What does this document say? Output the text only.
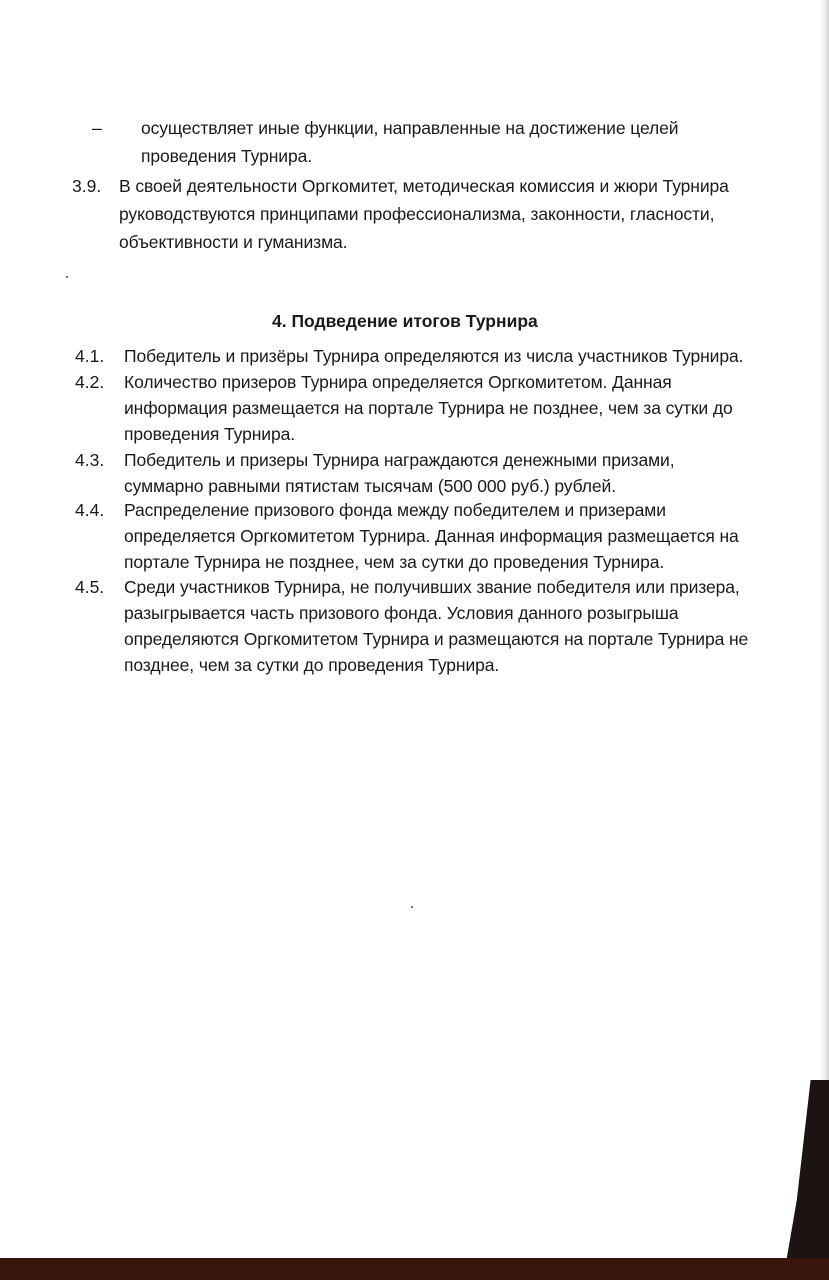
– осуществляет иные функции, направленные на достижение целей
проведения Турнира.
3.9. В своей деятельности Оргкомитет, методическая комиссия и жюри Турнира
руководствуются принципами профессионализма, законности, гласности,
объективности и гуманизма.
4. Подведение итогов Турнира
4.1. Победитель и призёры Турнира определяются из числа участников Турнира.
4.2. Количество призеров Турнира определяется Оргкомитетом. Данная
информация размещается на портале Турнира не позднее, чем за сутки до
проведения Турнира.
4.3. Победитель и призеры Турнира награждаются денежными призами,
суммарно равными пятистам тысячам (500 000 руб.) рублей.
4.4. Распределение призового фонда между победителем и призерами
определяется Оргкомитетом Турнира. Данная информация размещается на
портале Турнира не позднее, чем за сутки до проведения Турнира.
4.5. Среди участников Турнира, не получивших звание победителя или призера,
разыгрывается часть призового фонда. Условия данного розыгрыша
определяются Оргкомитетом Турнира и размещаются на портале Турнира не
позднее, чем за сутки до проведения Турнира.
